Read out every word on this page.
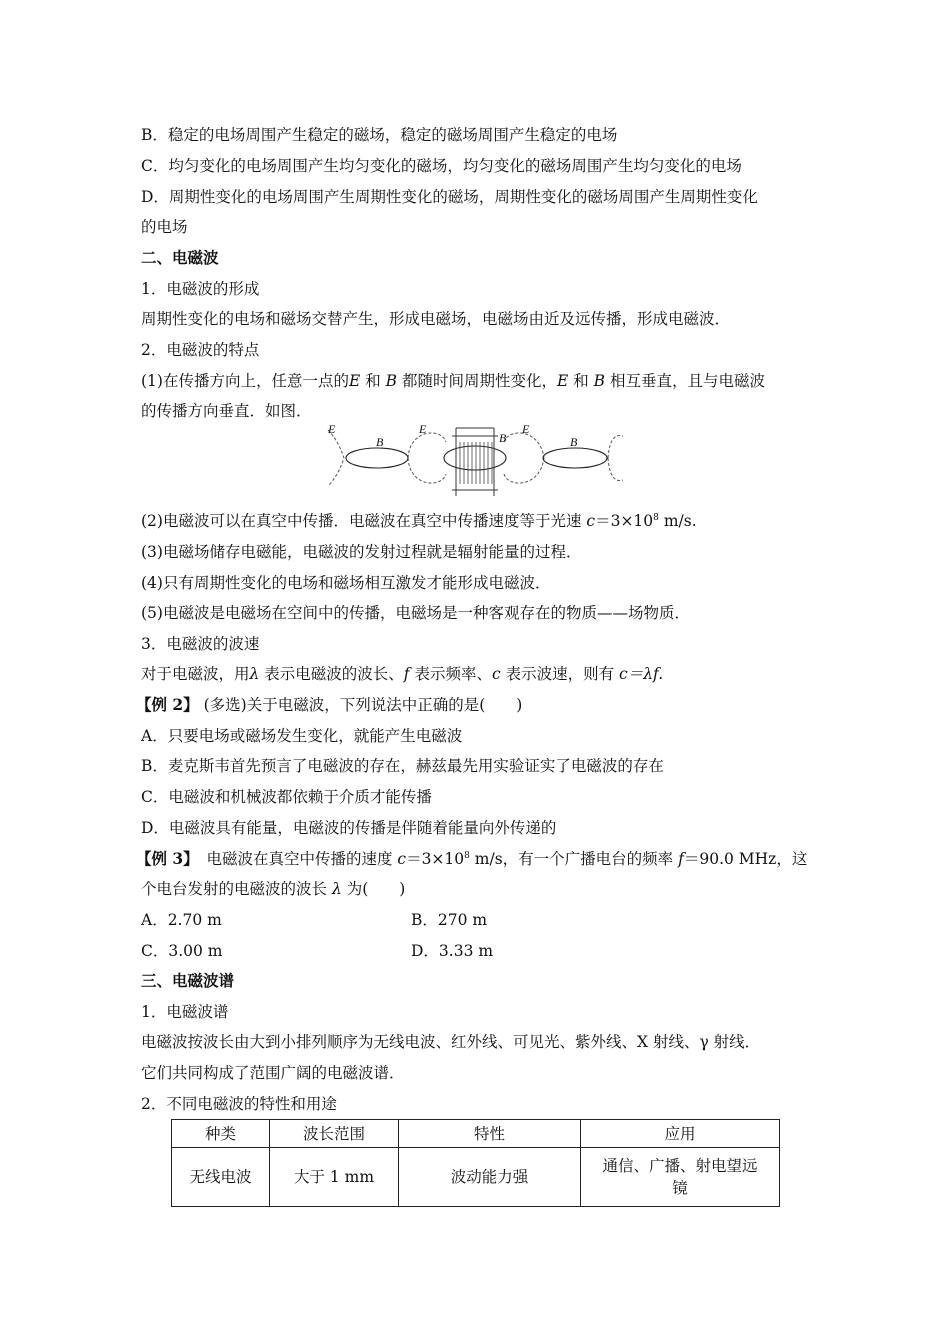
B．稳定的电场周围产生稳定的磁场，稳定的磁场周围产生稳定的电场
C．均匀变化的电场周围产生均匀变化的磁场，均匀变化的磁场周围产生均匀变化的电场
D．周期性变化的电场周围产生周期性变化的磁场，周期性变化的磁场周围产生周期性变化
的电场
二、电磁波
1．电磁波的形成
周期性变化的电场和磁场交替产生，形成电磁场，电磁场由近及远传播，形成电磁波．
2．电磁波的特点
(1)在传播方向上，任意一点的E 和 B 都随时间周期性变化，E 和 B 相互垂直，且与电磁波
的传播方向垂直．如图．
E
B
E
B
E
B
(2)电磁波可以在真空中传播．电磁波在真空中传播速度等于光速 $c=3\times 10^8$ m/s.
(3)电磁场储存电磁能，电磁波的发射过程就是辐射能量的过程．
(4)只有周期性变化的电场和磁场相互激发才能形成电磁波．
(5)电磁波是电磁场在空间中的传播，电磁场是一种客观存在的物质——场物质．
3．电磁波的波速
对于电磁波，用λ 表示电磁波的波长、f 表示频率、c 表示波速，则有 c＝λf.
【例 2】 (多选)关于电磁波，下列说法中正确的是(　　)
A．只要电场或磁场发生变化，就能产生电磁波
B．麦克斯韦首先预言了电磁波的存在，赫兹最先用实验证实了电磁波的存在
C．电磁波和机械波都依赖于介质才能传播
D．电磁波具有能量，电磁波的传播是伴随着能量向外传递的
【例 3】　电磁波在真空中传播的速度 $c=3\times 10^8$ m/s，有一个广播电台的频率 f＝90.0 MHz，这
个电台发射的电磁波的波长 λ 为(　　)
A．2.70 m	B．270 m
C．3.00 m	D．3.33 m
三、电磁波谱
1．电磁波谱
电磁波按波长由大到小排列顺序为无线电波、红外线、可见光、紫外线、X 射线、γ 射线．
它们共同构成了范围广阔的电磁波谱．
2．不同电磁波的特性和用途
种类	波长范围	特性	应用
无线电波	大于 1 mm	波动能力强	通信、广播、射电望远
镜
